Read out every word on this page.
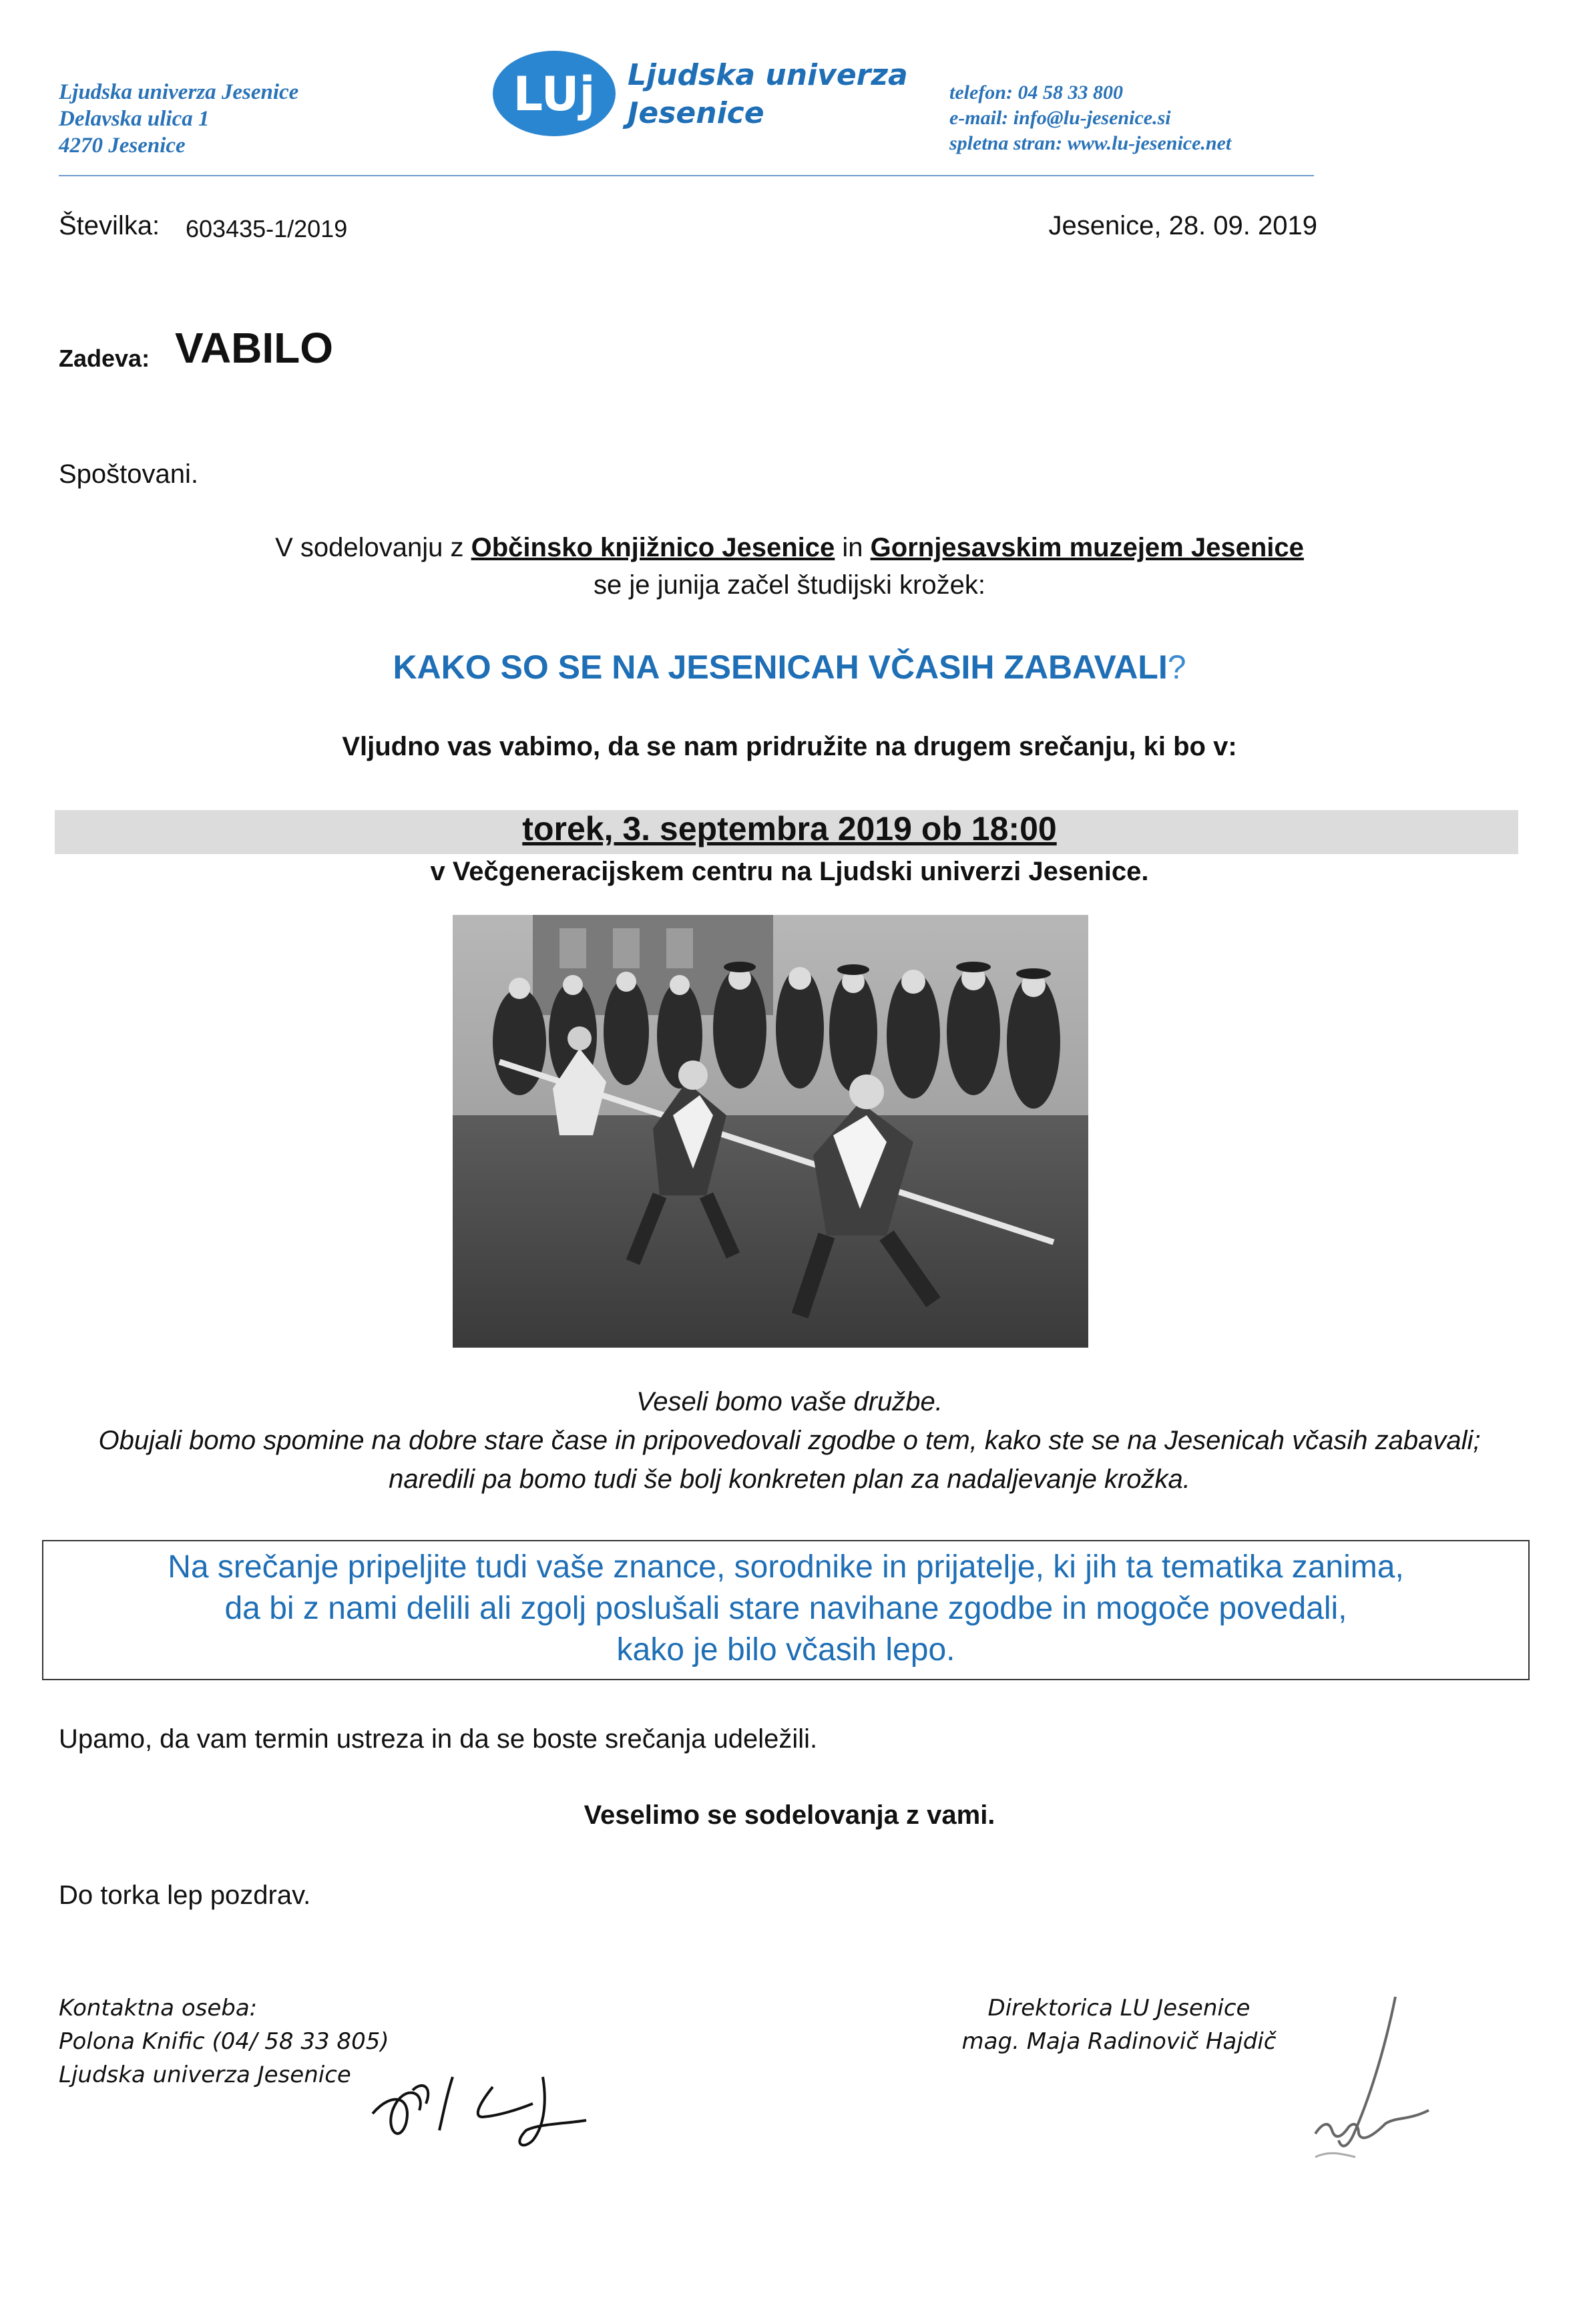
Ljudska univerza Jesenice
Delavska ulica 1
4270 Jesenice
LUj Ljudska univerza
Jesenice
telefon: 04 58 33 800
e-mail: info@lu-jesenice.si
spletna stran: www.lu-jesenice.net
Številka: 603435-1/2019	Jesenice, 28. 09. 2019
Zadeva: VABILO
Spoštovani.
V sodelovanju z Občinsko knjižnico Jesenice in Gornjesavskim muzejem Jesenice
se je junija začel študijski krožek:
KAKO SO SE NA JESENICAH VČASIH ZABAVALI?
Vljudno vas vabimo, da se nam pridružite na drugem srečanju, ki bo v:
torek, 3. septembra 2019 ob 18:00
v Večgeneracijskem centru na Ljudski univerzi Jesenice.
Veseli bomo vaše družbe.
Obujali bomo spomine na dobre stare čase in pripovedovali zgodbe o tem, kako ste se na Jesenicah včasih zabavali;
naredili pa bomo tudi še bolj konkreten plan za nadaljevanje krožka.
Na srečanje pripeljite tudi vaše znance, sorodnike in prijatelje, ki jih ta tematika zanima,
da bi z nami delili ali zgolj poslušali stare navihane zgodbe in mogoče povedali,
kako je bilo včasih lepo.
Upamo, da vam termin ustreza in da se boste srečanja udeležili.
Veselimo se sodelovanja z vami.
Do torka lep pozdrav.
Kontaktna oseba:
Polona Knific (04/ 58 33 805)
Ljudska univerza Jesenice
Direktorica LU Jesenice
mag. Maja Radinovič Hajdič
